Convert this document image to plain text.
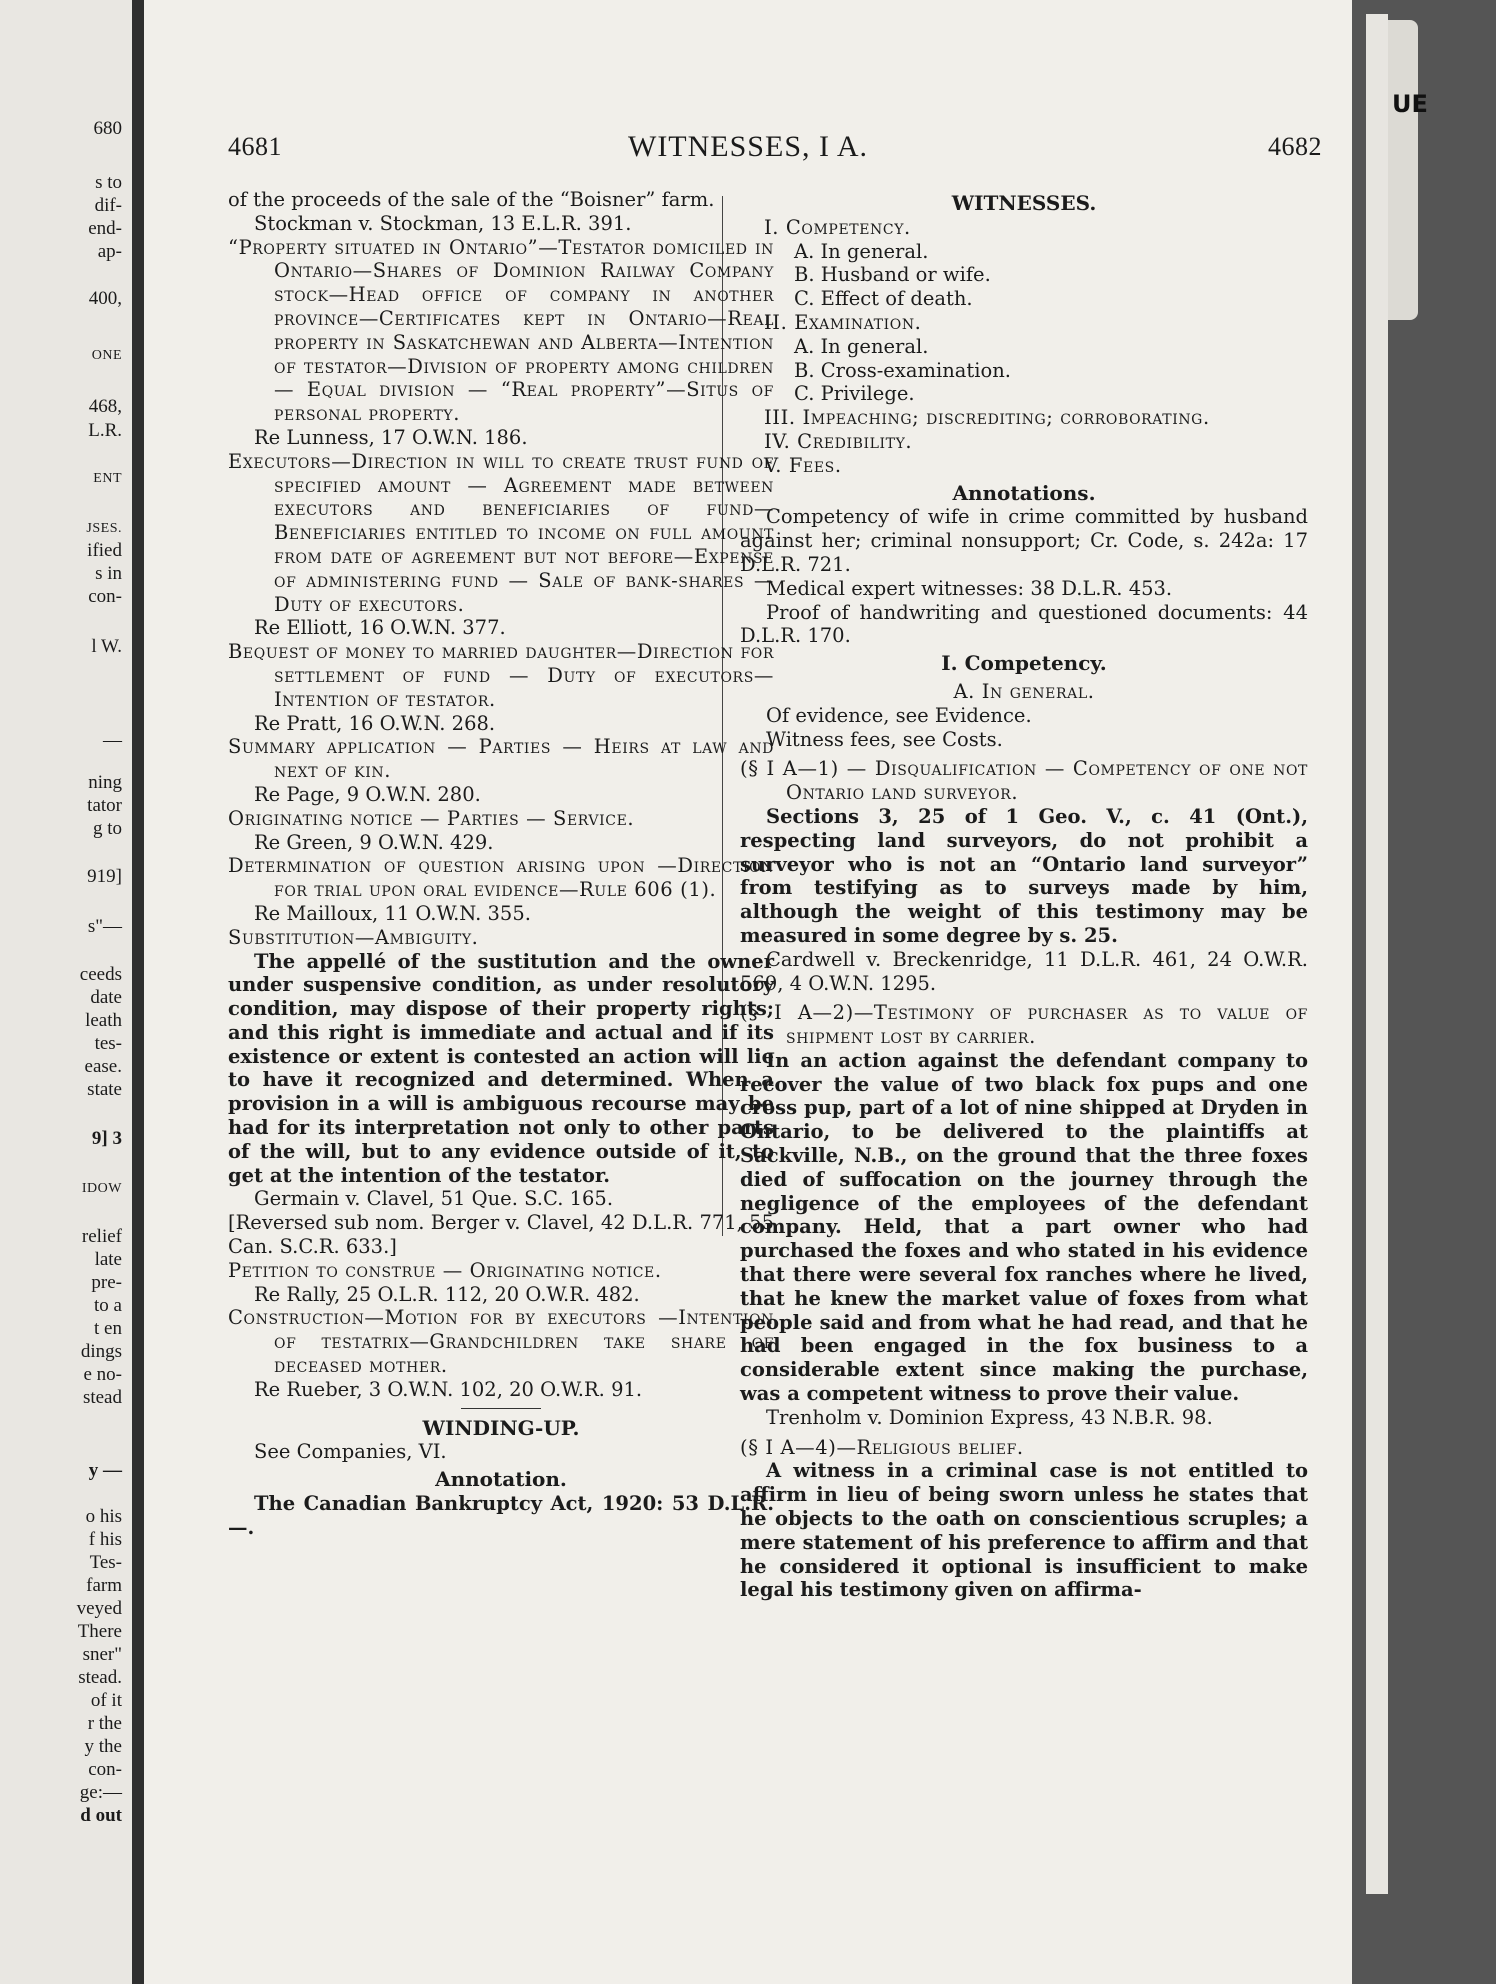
680
s to
dif-
end-
ap-
400,
ONE
468,
L.R.
ENT
JSES.
ified
s in
con-
l W.
—
ning
tator
g to
919]
s"—
ceeds
date
leath
tes-
ease.
state
9] 3
IDOW
relief
late
pre-
to a
t en
dings
e no-
stead
y —
o his
f his
Tes-
farm
veyed
There
sner"
stead.
of it
r the
y the
con-
ge:—
d out
4681	WITNESSES, I A.	4682

of the proceeds of the sale of the “Boisner” farm.

Stockman v. Stockman, 13 E.L.R. 391.

“Property situated in Ontario”—Testator domiciled in Ontario—Shares of Dominion Railway Company stock—Head office of company in another province—Certificates kept in Ontario—Real property in Saskatchewan and Alberta—Intention of testator—Division of property among children — Equal division — “Real property”—Situs of personal property.

Re Lunness, 17 O.W.N. 186.

Executors—Direction in will to create trust fund of specified amount — Agreement made between executors and beneficiaries of fund—Beneficiaries entitled to income on full amount from date of agreement but not before—Expense of administering fund — Sale of bank-shares — Duty of executors.

Re Elliott, 16 O.W.N. 377.

Bequest of money to married daughter—Direction for settlement of fund — Duty of executors—Intention of testator.

Re Pratt, 16 O.W.N. 268.

Summary application — Parties — Heirs at law and next of kin.

Re Page, 9 O.W.N. 280.

Originating notice — Parties — Service.

Re Green, 9 O.W.N. 429.

Determination of question arising upon —Direction for trial upon oral evidence—Rule 606 (1).

Re Mailloux, 11 O.W.N. 355.

Substitution—Ambiguity.

The appellé of the sustitution and the owner under suspensive condition, as under resolutory condition, may dispose of their property rights; and this right is immediate and actual and if its existence or extent is contested an action will lie to have it recognized and determined. When a provision in a will is ambiguous recourse may be had for its interpretation not only to other parts of the will, but to any evidence outside of it, to get at the intention of the testator.

Germain v. Clavel, 51 Que. S.C. 165.

[Reversed sub nom. Berger v. Clavel, 42 D.L.R. 771, 55 Can. S.C.R. 633.]

Petition to construe — Originating notice.

Re Rally, 25 O.L.R. 112, 20 O.W.R. 482.

Construction—Motion for by executors —Intention of testatrix—Grandchildren take share of deceased mother.

Re Rueber, 3 O.W.N. 102, 20 O.W.R. 91.

WINDING-UP.

See Companies, VI.

Annotation.

The Canadian Bankruptcy Act, 1920: 53 D.L.R. —.

WITNESSES.

I. Competency.

A. In general.

B. Husband or wife.

C. Effect of death.

II. Examination.

A. In general.

B. Cross-examination.

C. Privilege.

III. Impeaching; discrediting; corroborating.

IV. Credibility.

V. Fees.

Annotations.

Competency of wife in crime committed by husband against her; criminal nonsupport; Cr. Code, s. 242a: 17 D.L.R. 721.

Medical expert witnesses: 38 D.L.R. 453.

Proof of handwriting and questioned documents: 44 D.L.R. 170.

I. Competency.

A. In general.

Of evidence, see Evidence.

Witness fees, see Costs.

(§ I A—1) — Disqualification — Competency of one not Ontario land surveyor.

Sections 3, 25 of 1 Geo. V., c. 41 (Ont.), respecting land surveyors, do not prohibit a surveyor who is not an “Ontario land surveyor” from testifying as to surveys made by him, although the weight of this testimony may be measured in some degree by s. 25.

Cardwell v. Breckenridge, 11 D.L.R. 461, 24 O.W.R. 569, 4 O.W.N. 1295.

(§ I A—2)—Testimony of purchaser as to value of shipment lost by carrier.

In an action against the defendant company to recover the value of two black fox pups and one cross pup, part of a lot of nine shipped at Dryden in Ontario, to be delivered to the plaintiffs at Sackville, N.B., on the ground that the three foxes died of suffocation on the journey through the negligence of the employees of the defendant company. Held, that a part owner who had purchased the foxes and who stated in his evidence that there were several fox ranches where he lived, that he knew the market value of foxes from what people said and from what he had read, and that he had been engaged in the fox business to a considerable extent since making the purchase, was a competent witness to prove their value.

Trenholm v. Dominion Express, 43 N.B.R. 98.

(§ I A—4)—Religious belief.

A witness in a criminal case is not entitled to affirm in lieu of being sworn unless he states that he objects to the oath on conscientious scruples; a mere statement of his preference to affirm and that he considered it optional is insufficient to make legal his testimony given on affirma-

UE
